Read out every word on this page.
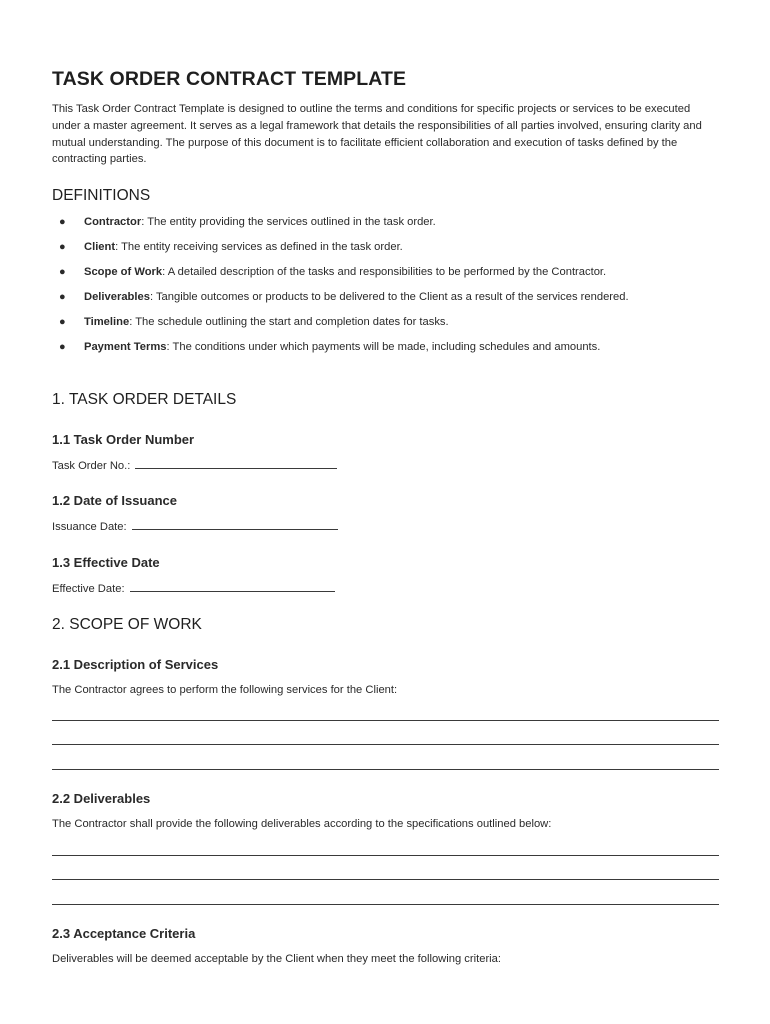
TASK ORDER CONTRACT TEMPLATE

This Task Order Contract Template is designed to outline the terms and conditions for specific projects or services to be executed under a master agreement. It serves as a legal framework that details the responsibilities of all parties involved, ensuring clarity and mutual understanding. The purpose of this document is to facilitate efficient collaboration and execution of tasks defined by the contracting parties.

DEFINITIONS
● Contractor: The entity providing the services outlined in the task order.
● Client: The entity receiving services as defined in the task order.
● Scope of Work: A detailed description of the tasks and responsibilities to be performed by the Contractor.
● Deliverables: Tangible outcomes or products to be delivered to the Client as a result of the services rendered.
● Timeline: The schedule outlining the start and completion dates for tasks.
● Payment Terms: The conditions under which payments will be made, including schedules and amounts.
1. TASK ORDER DETAILS
1.1 Task Order Number

Task Order No.:

1.2 Date of Issuance

Issuance Date:

1.3 Effective Date

Effective Date:

2. SCOPE OF WORK
2.1 Description of Services

The Contractor agrees to perform the following services for the Client:

2.2 Deliverables

The Contractor shall provide the following deliverables according to the specifications outlined below:

2.3 Acceptance Criteria

Deliverables will be deemed acceptable by the Client when they meet the following criteria:
